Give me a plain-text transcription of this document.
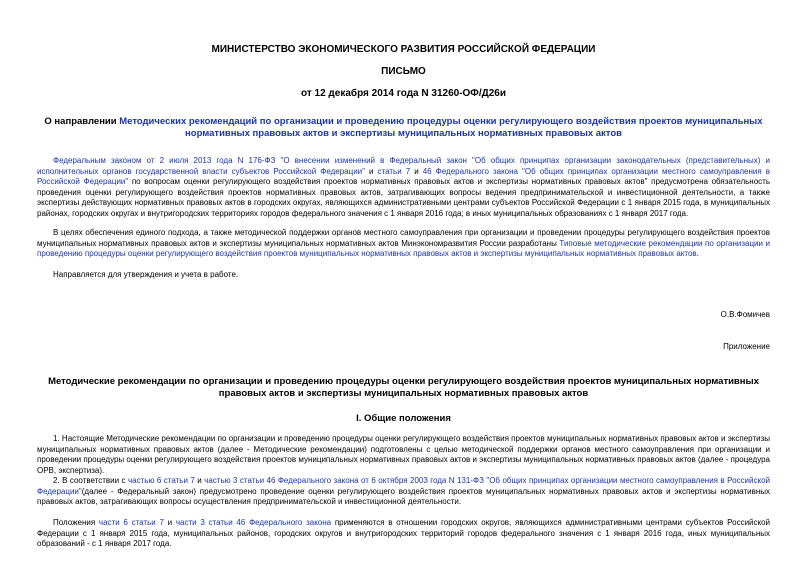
МИНИСТЕРСТВО ЭКОНОМИЧЕСКОГО РАЗВИТИЯ РОССИЙСКОЙ ФЕДЕРАЦИИ
ПИСЬМО
от 12 декабря 2014 года N 31260-ОФ/Д26и
О направлении Методических рекомендаций по организации и проведению процедуры оценки регулирующего воздействия проектов муниципальных нормативных правовых актов и экспертизы муниципальных нормативных правовых актов
Федеральным законом от 2 июля 2013 года N 176-ФЗ "О внесении изменений в Федеральный закон "Об общих принципах организации законодательных (представительных) и исполнительных органов государственной власти субъектов Российской Федерации" и статьи 7 и 46 Федерального закона "Об общих принципах организации местного самоуправления в Российской Федерации" по вопросам оценки регулирующего воздействия проектов нормативных правовых актов и экспертизы нормативных правовых актов" предусмотрена обязательность проведения оценки регулирующего воздействия проектов нормативных правовых актов, затрагивающих вопросы ведения предпринимательской и инвестиционной деятельности, а также экспертизы действующих нормативных правовых актов в городских округах, являющихся административными центрами субъектов Российской Федерации с 1 января 2015 года, в муниципальных районах, городских округах и внутригородских территориях городов федерального значения с 1 января 2016 года; в иных муниципальных образованиях с 1 января 2017 года.
В целях обеспечения единого подхода, а также методической поддержки органов местного самоуправления при организации и проведении процедуры регулирующего воздействия проектов муниципальных нормативных правовых актов и экспертизы муниципальных нормативных актов Минэкономразвития России разработаны Типовые методические рекомендации по организации и проведению процедуры оценки регулирующего воздействия проектов муниципальных нормативных правовых актов и экспертизы муниципальных нормативных правовых актов.
Направляется для утверждения и учета в работе.
О.В.Фомичев
Приложение
Методические рекомендации по организации и проведению процедуры оценки регулирующего воздействия проектов муниципальных нормативных правовых актов и экспертизы муниципальных нормативных правовых актов
I. Общие положения
1. Настоящие Методические рекомендации по организации и проведению процедуры оценки регулирующего воздействия проектов муниципальных нормативных правовых актов и экспертизы муниципальных нормативных правовых актов (далее - Методические рекомендации) подготовлены с целью методической поддержки органов местного самоуправления при организации и проведении процедуры оценки регулирующего воздействия проектов муниципальных нормативных правовых актов и экспертизы муниципальных нормативных правовых актов (далее - процедура ОРВ, экспертиза).
2. В соответствии с частью 6 статьи 7 и частью 3 статьи 46 Федерального закона от 6 октября 2003 года N 131-ФЗ "Об общих принципах организации местного самоуправления в Российской Федерации"(далее - Федеральный закон) предусмотрено проведение оценки регулирующего воздействия проектов муниципальных нормативных правовых актов и экспертизы нормативных правовых актов, затрагивающих вопросы осуществления предпринимательской и инвестиционной деятельности.
Положения части 6 статьи 7 и части 3 статьи 46 Федерального закона применяются в отношении городских округов, являющихся административными центрами субъектов Российской Федерации с 1 января 2015 года, муниципальных районов, городских округов и внутригородских территорий городов федерального значения с 1 января 2016 года, иных муниципальных образований - с 1 января 2017 года.
